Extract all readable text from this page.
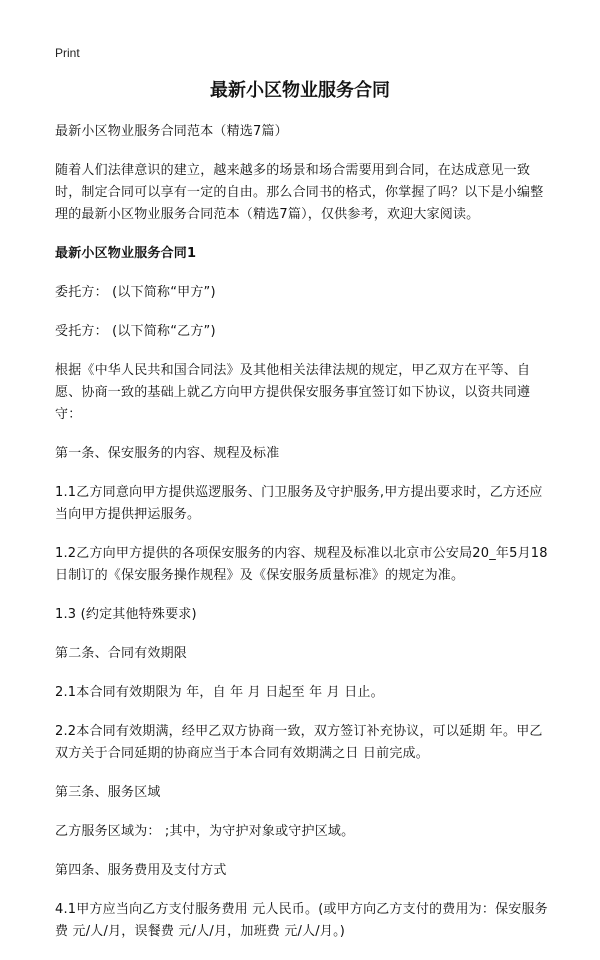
Print
最新小区物业服务合同

最新小区物业服务合同范本（精选7篇）

随着人们法律意识的建立，越来越多的场景和场合需要用到合同，在达成意见一致时，制定合同可以享有一定的自由。那么合同书的格式，你掌握了吗？以下是小编整理的最新小区物业服务合同范本（精选7篇），仅供参考，欢迎大家阅读。

最新小区物业服务合同1

委托方： (以下简称“甲方”)

受托方： (以下简称“乙方”)

根据《中华人民共和国合同法》及其他相关法律法规的规定，甲乙双方在平等、自愿、协商一致的基础上就乙方向甲方提供保安服务事宜签订如下协议，以资共同遵守：

第一条、保安服务的内容、规程及标准

1.1乙方同意向甲方提供巡逻服务、门卫服务及守护服务,甲方提出要求时，乙方还应当向甲方提供押运服务。

1.2乙方向甲方提供的各项保安服务的内容、规程及标准以北京市公安局20_年5月18日制订的《保安服务操作规程》及《保安服务质量标准》的规定为准。

1.3 (约定其他特殊要求)

第二条、合同有效期限

2.1本合同有效期限为 年，自 年 月 日起至 年 月 日止。

2.2本合同有效期满，经甲乙双方协商一致，双方签订补充协议，可以延期 年。甲乙双方关于合同延期的协商应当于本合同有效期满之日 日前完成。

第三条、服务区域

乙方服务区域为： ;其中，为守护对象或守护区域。

第四条、服务费用及支付方式

4.1甲方应当向乙方支付服务费用 元人民币。(或甲方向乙方支付的费用为：保安服务费 元/人/月，误餐费 元/人/月，加班费 元/人/月。)
